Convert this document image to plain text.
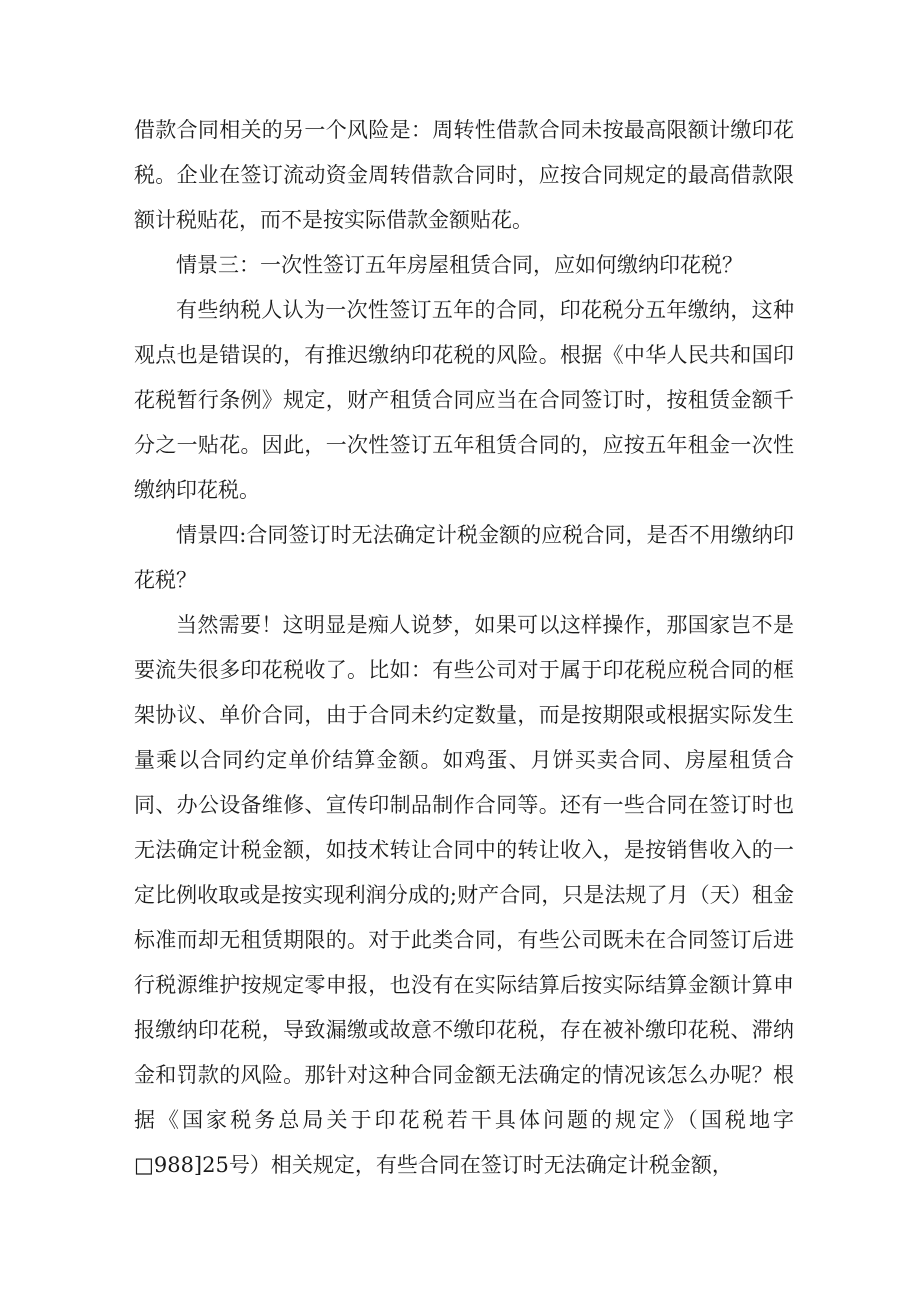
借款合同相关的另一个风险是：周转性借款合同未按最高限额计缴印花税。企业在签订流动资金周转借款合同时，应按合同规定的最高借款限额计税贴花，而不是按实际借款金额贴花。

情景三：一次性签订五年房屋租赁合同，应如何缴纳印花税？

有些纳税人认为一次性签订五年的合同，印花税分五年缴纳，这种观点也是错误的，有推迟缴纳印花税的风险。根据《中华人民共和国印花税暂行条例》规定，财产租赁合同应当在合同签订时，按租赁金额千分之一贴花。因此，一次性签订五年租赁合同的，应按五年租金一次性缴纳印花税。

情景四:合同签订时无法确定计税金额的应税合同，是否不用缴纳印花税？

当然需要！这明显是痴人说梦，如果可以这样操作，那国家岂不是要流失很多印花税收了。比如：有些公司对于属于印花税应税合同的框架协议、单价合同，由于合同未约定数量，而是按期限或根据实际发生量乘以合同约定单价结算金额。如鸡蛋、月饼买卖合同、房屋租赁合同、办公设备维修、宣传印制品制作合同等。还有一些合同在签订时也无法确定计税金额，如技术转让合同中的转让收入，是按销售收入的一定比例收取或是按实现利润分成的;财产合同，只是法规了月（天）租金标准而却无租赁期限的。对于此类合同，有些公司既未在合同签订后进行税源维护按规定零申报，也没有在实际结算后按实际结算金额计算申报缴纳印花税，导致漏缴或故意不缴印花税，存在被补缴印花税、滞纳金和罚款的风险。那针对这种合同金额无法确定的情况该怎么办呢？根据《国家税务总局关于印花税若干具体问题的规定》（国税地字□988]25号）相关规定，有些合同在签订时无法确定计税金额，
